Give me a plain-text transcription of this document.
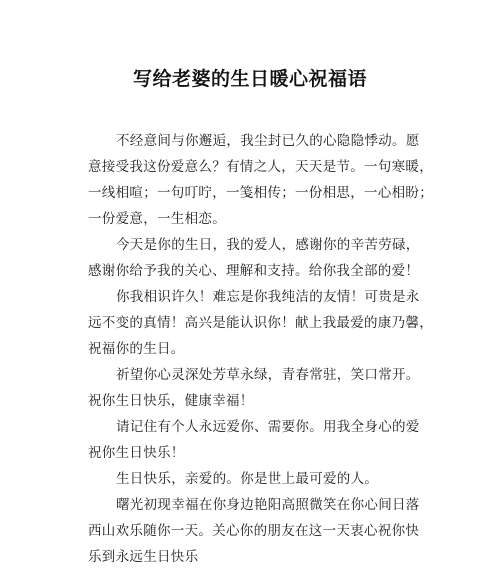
写给老婆的生日暖心祝福语
不经意间与你邂逅，我尘封已久的心隐隐悸动。愿
意接受我这份爱意么？有情之人，天天是节。一句寒暖，
一线相喧；一句叮咛，一笺相传；一份相思，一心相盼；
一份爱意，一生相恋。
今天是你的生日，我的爱人，感谢你的辛苦劳碌，
感谢你给予我的关心、理解和支持。给你我全部的爱！
你我相识许久！难忘是你我纯洁的友情！可贵是永
远不变的真情！高兴是能认识你！献上我最爱的康乃馨，
祝福你的生日。
祈望你心灵深处芳草永绿，青春常驻，笑口常开。
祝你生日快乐，健康幸福！
请记住有个人永远爱你、需要你。用我全身心的爱
祝你生日快乐！
生日快乐，亲爱的。你是世上最可爱的人。
曙光初现幸福在你身边艳阳高照微笑在你心间日落
西山欢乐随你一天。关心你的朋友在这一天衷心祝你快
乐到永远生日快乐
